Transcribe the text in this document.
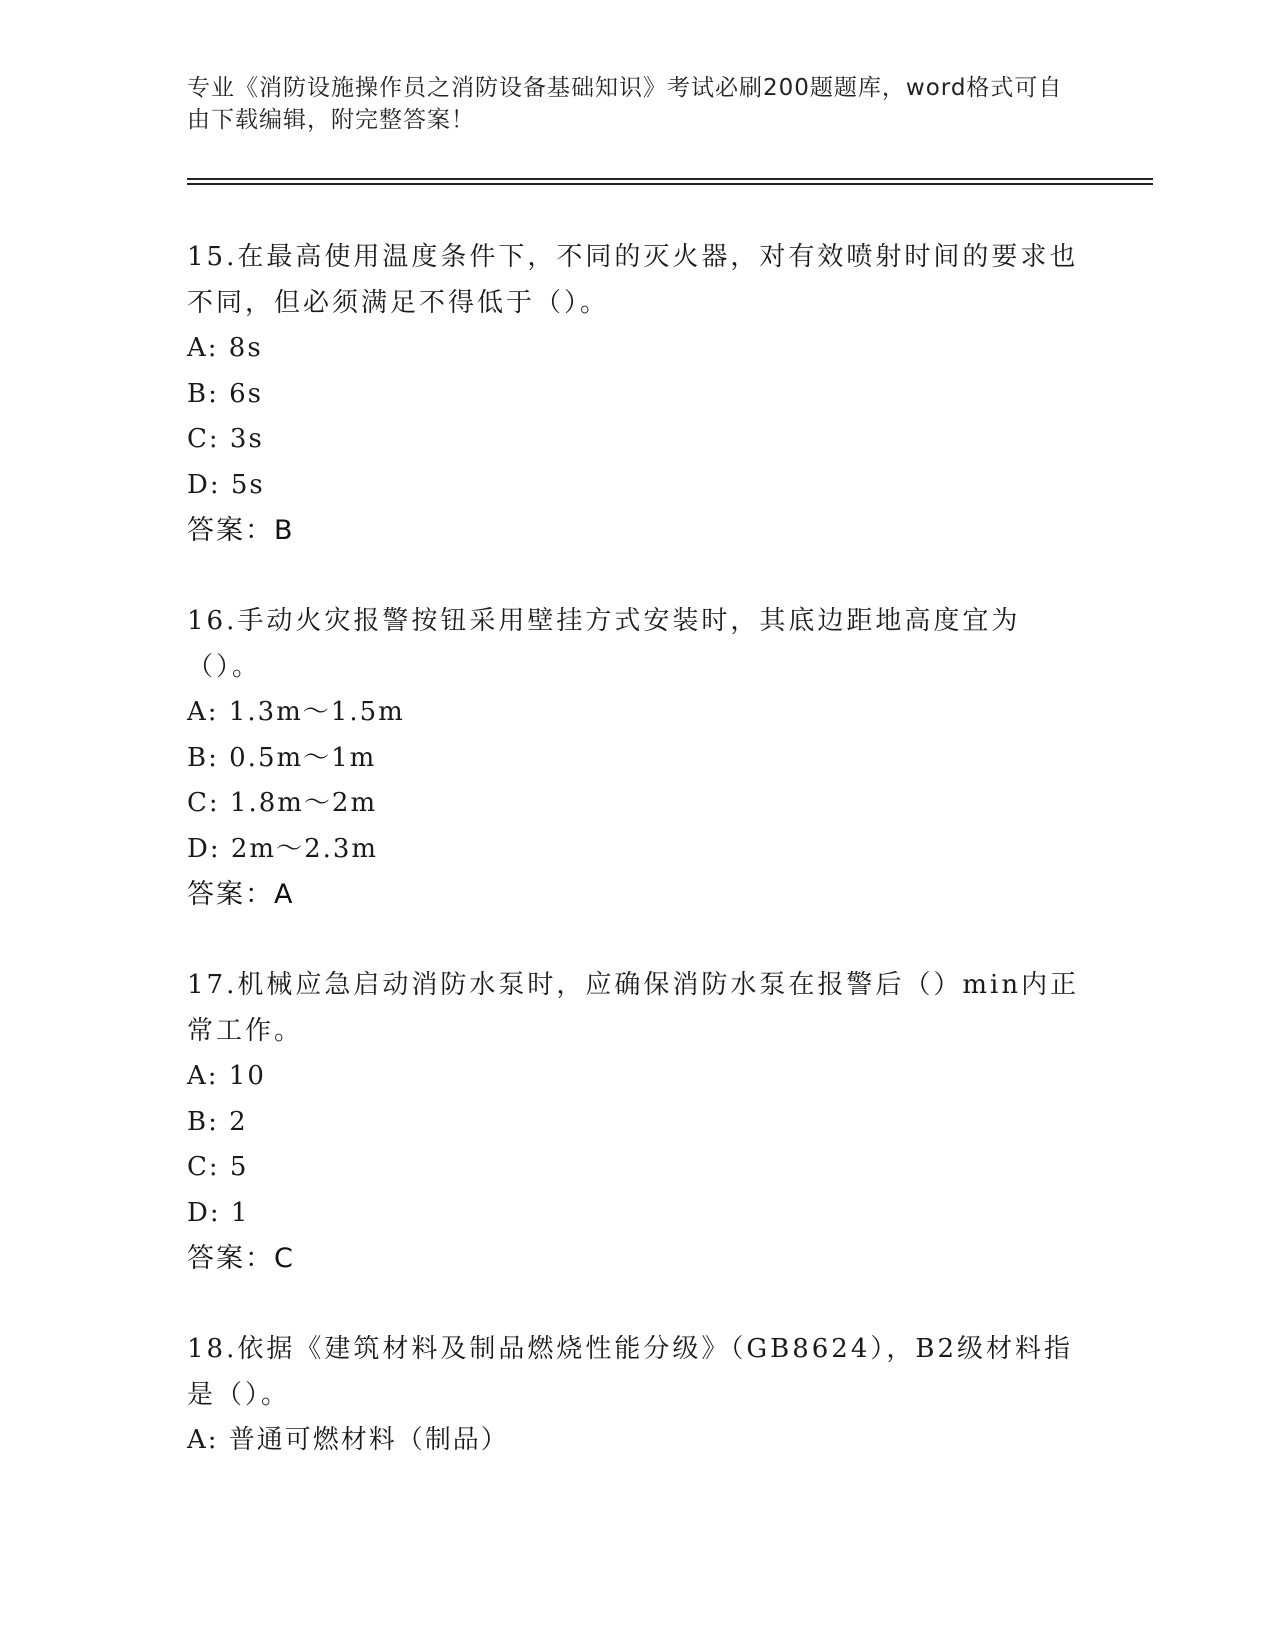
专业《消防设施操作员之消防设备基础知识》考试必刷200题题库，word格式可自由下载编辑，附完整答案！

15.在最高使用温度条件下，不同的灭火器，对有效喷射时间的要求也不同，但必须满足不得低于（）。

A: 8s

B: 6s

C: 3s

D: 5s

答案：B

16.手动火灾报警按钮采用壁挂方式安装时，其底边距地高度宜为（）。

A: 1.3m～1.5m

B: 0.5m～1m

C: 1.8m～2m

D: 2m～2.3m

答案：A

17.机械应急启动消防水泵时，应确保消防水泵在报警后（）min内正常工作。

A: 10

B: 2

C: 5

D: 1

答案：C

18.依据《建筑材料及制品燃烧性能分级》（GB8624），B2级材料指是（）。

A: 普通可燃材料（制品）
